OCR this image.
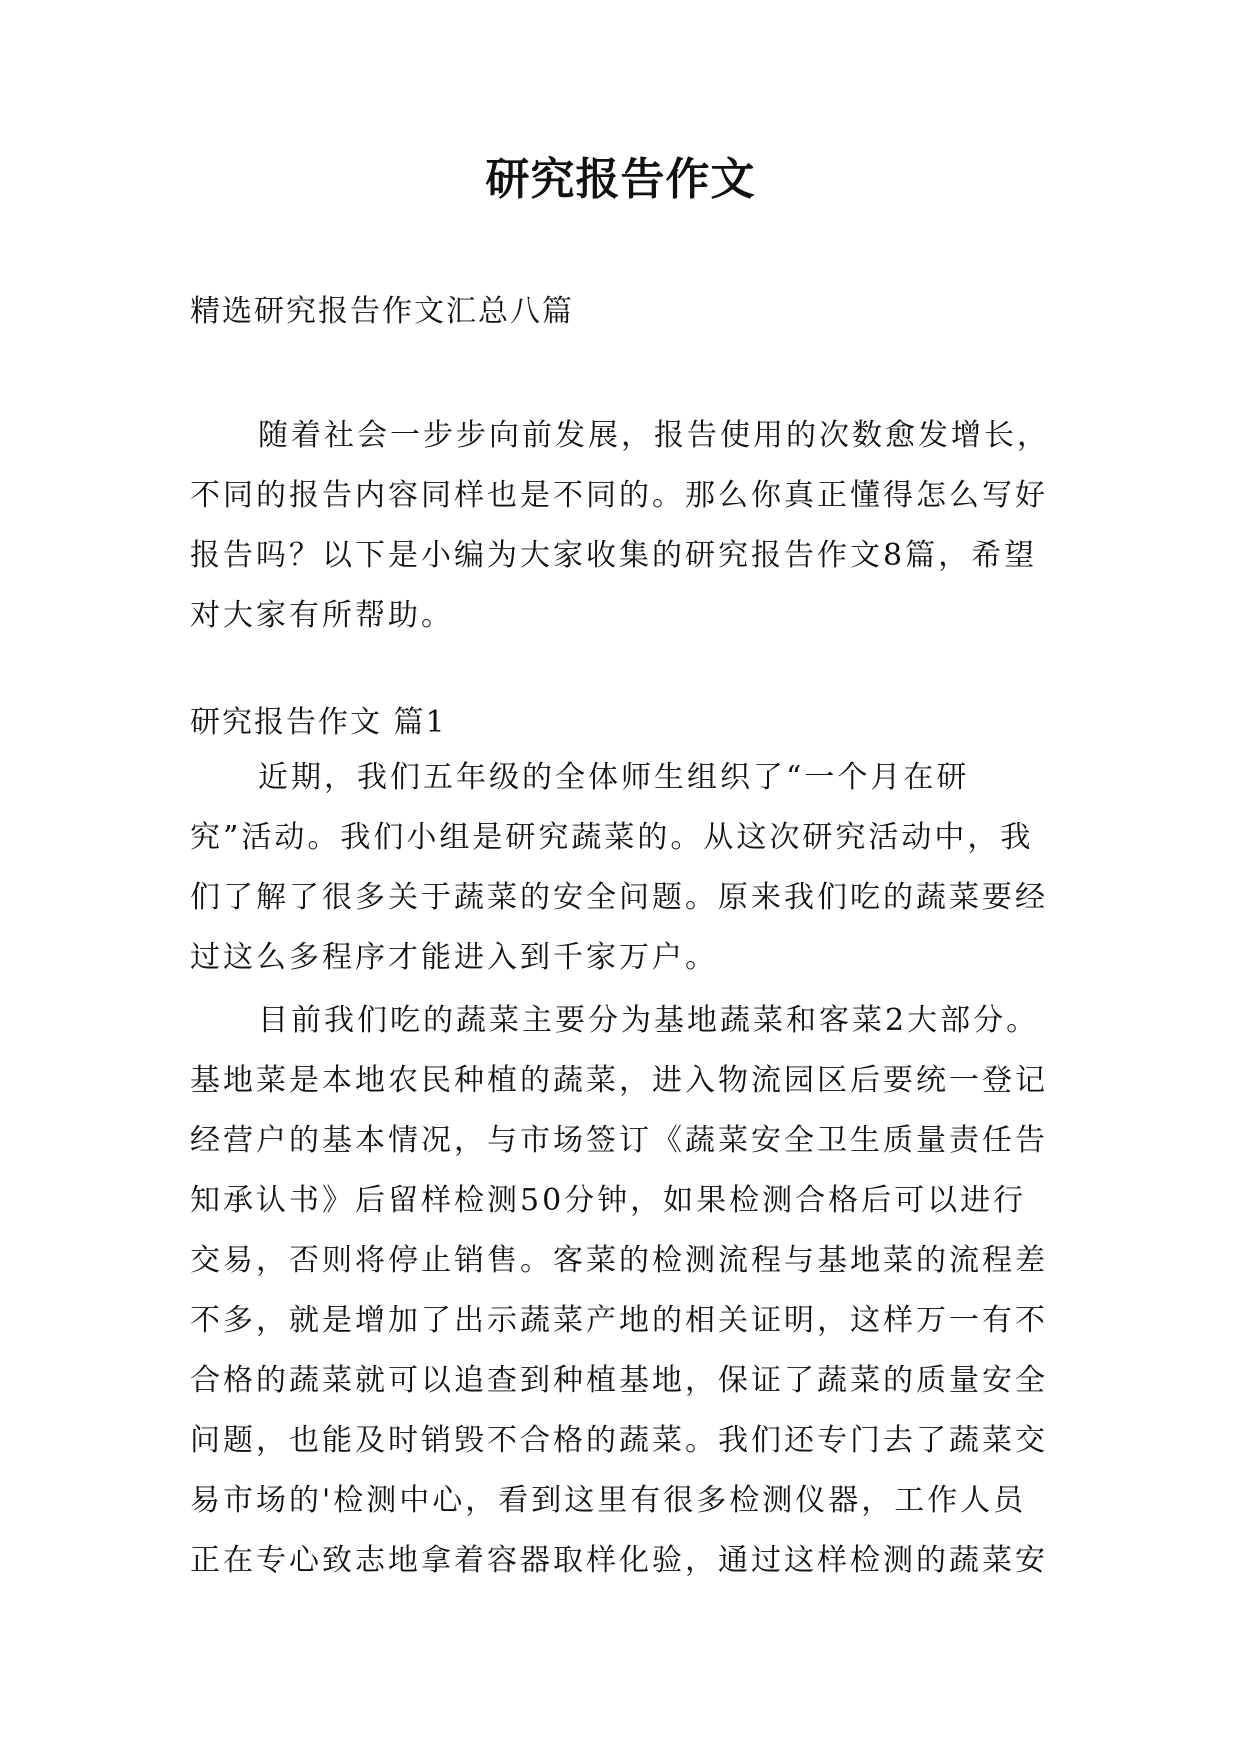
研究报告作文

精选研究报告作文汇总八篇

随着社会一步步向前发展，报告使用的次数愈发增长，不同的报告内容同样也是不同的。那么你真正懂得怎么写好报告吗？以下是小编为大家收集的研究报告作文8篇，希望对大家有所帮助。

研究报告作文 篇1

近期，我们五年级的全体师生组织了“一个月在研究”活动。我们小组是研究蔬菜的。从这次研究活动中，我们了解了很多关于蔬菜的安全问题。原来我们吃的蔬菜要经过这么多程序才能进入到千家万户。

目前我们吃的蔬菜主要分为基地蔬菜和客菜2大部分。基地菜是本地农民种植的蔬菜，进入物流园区后要统一登记经营户的基本情况，与市场签订《蔬菜安全卫生质量责任告知承认书》后留样检测50分钟，如果检测合格后可以进行交易，否则将停止销售。客菜的检测流程与基地菜的流程差不多，就是增加了出示蔬菜产地的相关证明，这样万一有不合格的蔬菜就可以追查到种植基地，保证了蔬菜的质量安全问题，也能及时销毁不合格的蔬菜。我们还专门去了蔬菜交易市场的'检测中心，看到这里有很多检测仪器，工作人员正在专心致志地拿着容器取样化验，通过这样检测的蔬菜安
